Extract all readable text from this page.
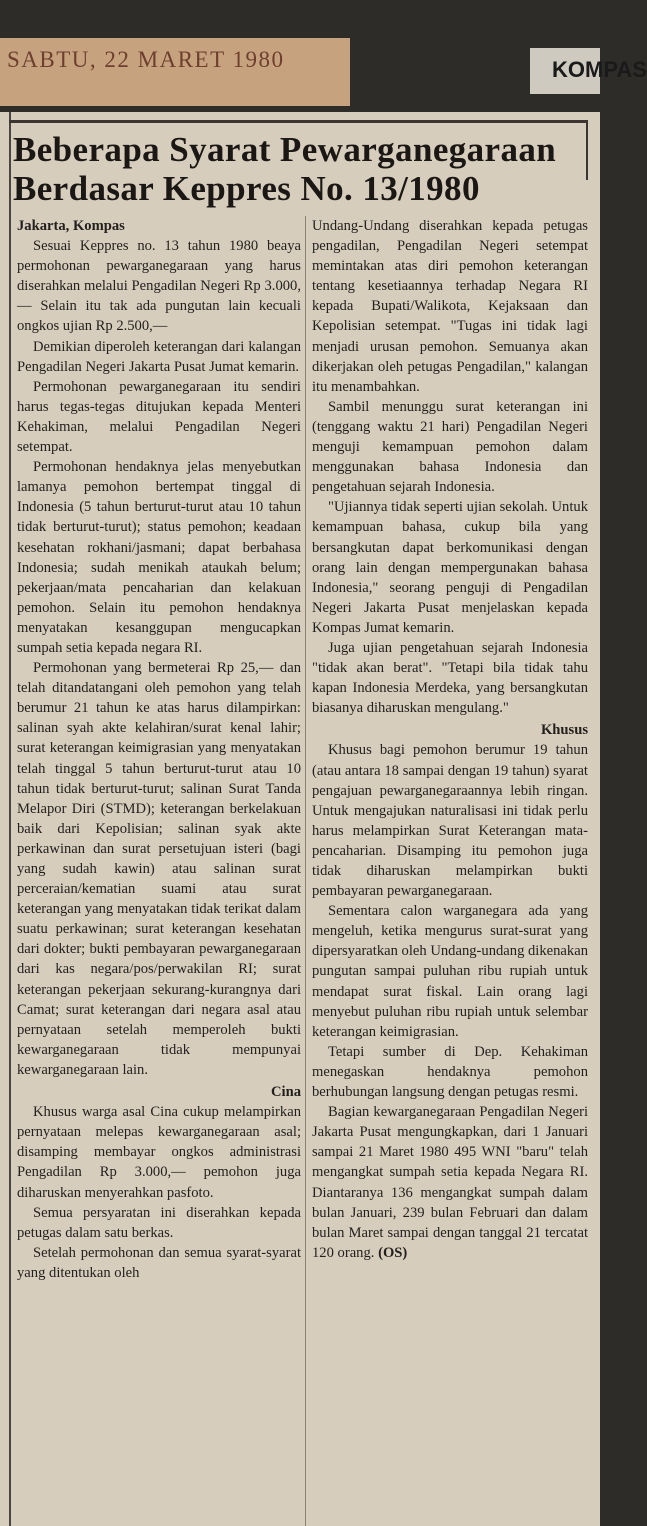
SABTU, 22 MARET 1980	KOMPAS
Beberapa Syarat Pewarganegaraan
Berdasar Keppres No. 13/1980
Jakarta, Kompas

Sesuai Keppres no. 13 tahun 1980 beaya permohonan pewarganegaraan yang harus diserahkan melalui Pengadilan Negeri Rp 3.000,— Selain itu tak ada pungutan lain kecuali ongkos ujian Rp 2.500,—

Demikian diperoleh keterangan dari kalangan Pengadilan Negeri Jakarta Pusat Jumat kemarin.

Permohonan pewarganegaraan itu sendiri harus tegas-tegas ditujukan kepada Menteri Kehakiman, melalui Pengadilan Negeri setempat.

Permohonan hendaknya jelas menyebutkan lamanya pemohon bertempat tinggal di Indonesia (5 tahun berturut-turut atau 10 tahun tidak berturut-turut); status pemohon; keadaan kesehatan rokhani/jasmani; dapat berbahasa Indonesia; sudah menikah ataukah belum; pekerjaan/mata pencaharian dan kelakuan pemohon. Selain itu pemohon hendaknya menyatakan kesanggupan mengucapkan sumpah setia kepada negara RI.

Permohonan yang bermeterai Rp 25,— dan telah ditandatangani oleh pemohon yang telah berumur 21 tahun ke atas harus dilampirkan: salinan syah akte kelahiran/surat kenal lahir; surat keterangan keimigrasian yang menyatakan telah tinggal 5 tahun berturut-turut atau 10 tahun tidak berturut-turut; salinan Surat Tanda Melapor Diri (STMD); keterangan berkelakuan baik dari Kepolisian; salinan syak akte perkawinan dan surat persetujuan isteri (bagi yang sudah kawin) atau salinan surat perceraian/kematian suami atau surat keterangan yang menyatakan tidak terikat dalam suatu perkawinan; surat keterangan kesehatan dari dokter; bukti pembayaran pewarganegaraan dari kas negara/pos/perwakilan RI; surat keterangan pekerjaan sekurang-kurangnya dari Camat; surat keterangan dari negara asal atau pernyataan setelah memperoleh bukti kewarganegaraan tidak mempunyai kewarganegaraan lain.

Cina

Khusus warga asal Cina cukup melampirkan pernyataan melepas kewarganegaraan asal; disamping membayar ongkos administrasi Pengadilan Rp 3.000,— pemohon juga diharuskan menyerahkan pasfoto.

Semua persyaratan ini diserahkan kepada petugas dalam satu berkas.

Setelah permohonan dan semua syarat-syarat yang ditentukan oleh

Undang-Undang diserahkan kepada petugas pengadilan, Pengadilan Negeri setempat memintakan atas diri pemohon keterangan tentang kesetiaannya terhadap Negara RI kepada Bupati/Walikota, Kejaksaan dan Kepolisian setempat. "Tugas ini tidak lagi menjadi urusan pemohon. Semuanya akan dikerjakan oleh petugas Pengadilan," kalangan itu menambahkan.

Sambil menunggu surat keterangan ini (tenggang waktu 21 hari) Pengadilan Negeri menguji kemampuan pemohon dalam menggunakan bahasa Indonesia dan pengetahuan sejarah Indonesia.

"Ujiannya tidak seperti ujian sekolah. Untuk kemampuan bahasa, cukup bila yang bersangkutan dapat berkomunikasi dengan orang lain dengan mempergunakan bahasa Indonesia," seorang penguji di Pengadilan Negeri Jakarta Pusat menjelaskan kepada Kompas Jumat kemarin.

Juga ujian pengetahuan sejarah Indonesia "tidak akan berat". "Tetapi bila tidak tahu kapan Indonesia Merdeka, yang bersangkutan biasanya diharuskan mengulang."

Khusus

Khusus bagi pemohon berumur 19 tahun (atau antara 18 sampai dengan 19 tahun) syarat pengajuan pewarganegaraannya lebih ringan. Untuk mengajukan naturalisasi ini tidak perlu harus melampirkan Surat Keterangan mata-pencaharian. Disamping itu pemohon juga tidak diharuskan melampirkan bukti pembayaran pewarganegaraan.

Sementara calon warganegara ada yang mengeluh, ketika mengurus surat-surat yang dipersyaratkan oleh Undang-undang dikenakan pungutan sampai puluhan ribu rupiah untuk mendapat surat fiskal. Lain orang lagi menyebut puluhan ribu rupiah untuk selembar keterangan keimigrasian.

Tetapi sumber di Dep. Kehakiman menegaskan hendaknya pemohon berhubungan langsung dengan petugas resmi.

Bagian kewarganegaraan Pengadilan Negeri Jakarta Pusat mengungkapkan, dari 1 Januari sampai 21 Maret 1980 495 WNI "baru" telah mengangkat sumpah setia kepada Negara RI. Diantaranya 136 mengangkat sumpah dalam bulan Januari, 239 bulan Februari dan dalam bulan Maret sampai dengan tanggal 21 tercatat 120 orang. (OS)
